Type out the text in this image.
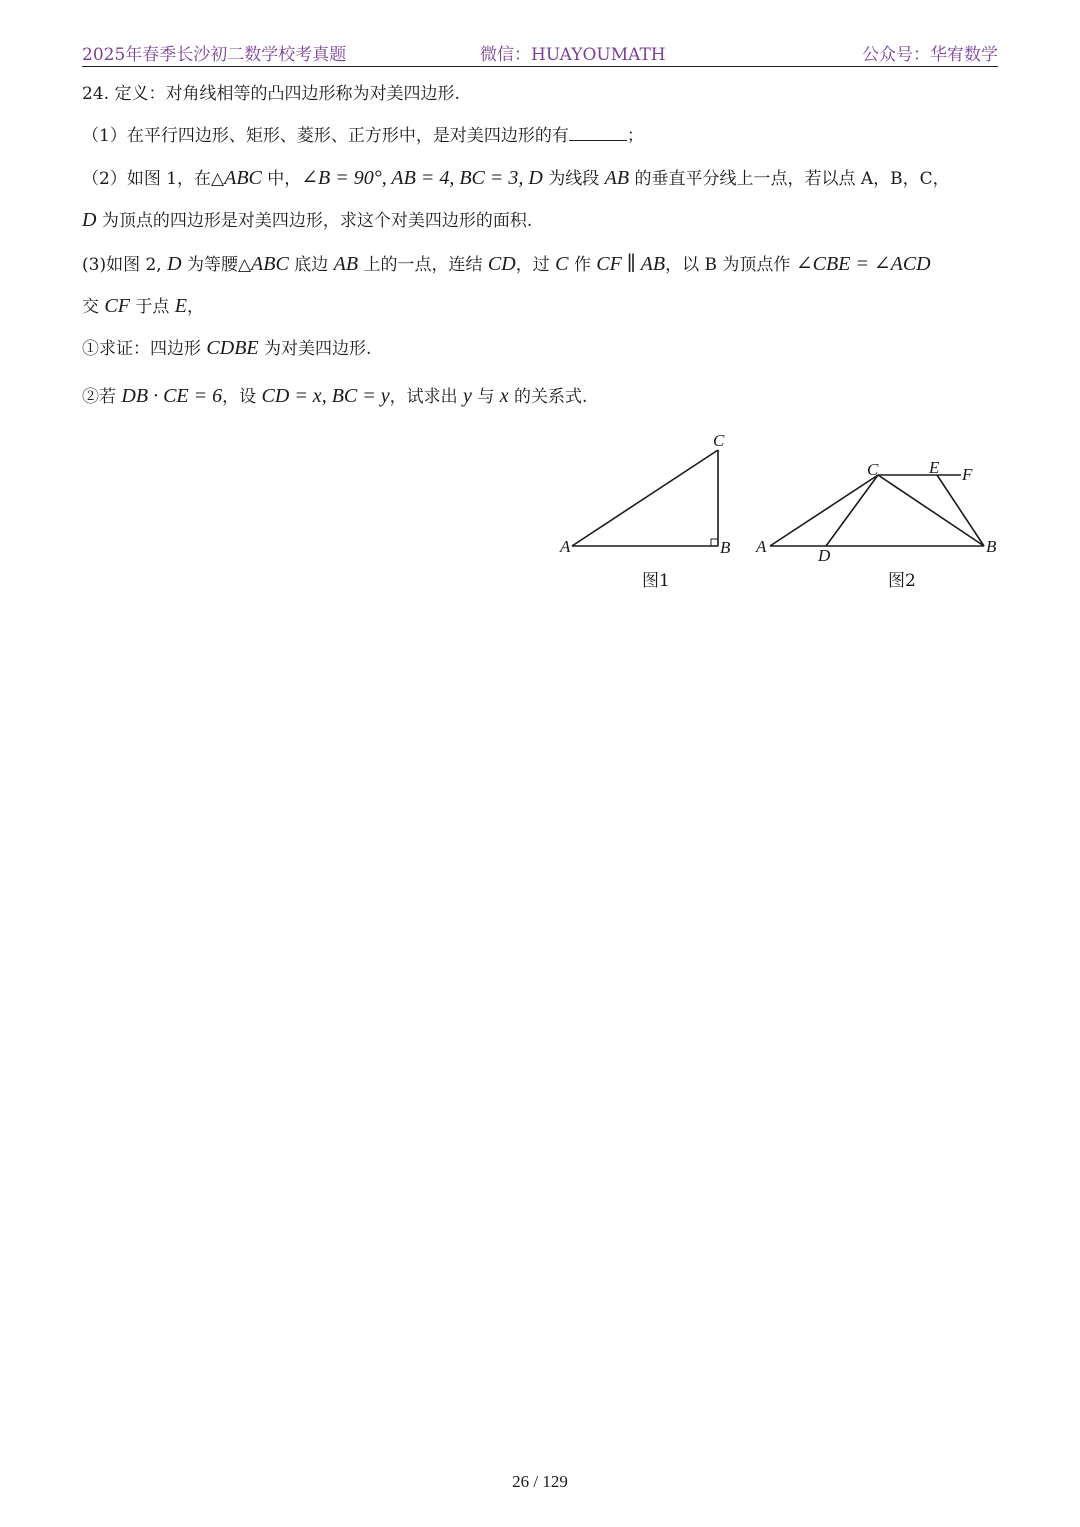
2025年春季长沙初二数学校考真题	微信：HUAYOUMATH	公众号：华宥数学
24. 定义：对角线相等的凸四边形称为对美四边形.
（1）在平行四边形、矩形、菱形、正方形中，是对美四边形的有	；
（2）如图 1，在△ABC 中，∠B = 90°, AB = 4, BC = 3, D 为线段 AB 的垂直平分线上一点，若以点 A，B，C，
D 为顶点的四边形是对美四边形，求这个对美四边形的面积.
(3)如图 2, D 为等腰△ABC 底边 AB 上的一点，连结 CD，过 C 作 CF ∥ AB，以 B 为顶点作 ∠CBE = ∠ACD
交 CF 于点 E，
①求证：四边形 CDBE 为对美四边形.
②若 DB · CE = 6，设 CD = x, BC = y，试求出 y 与 x 的关系式.
A	B
C
A	B
C
D
E F
图1	图2
26 / 129
